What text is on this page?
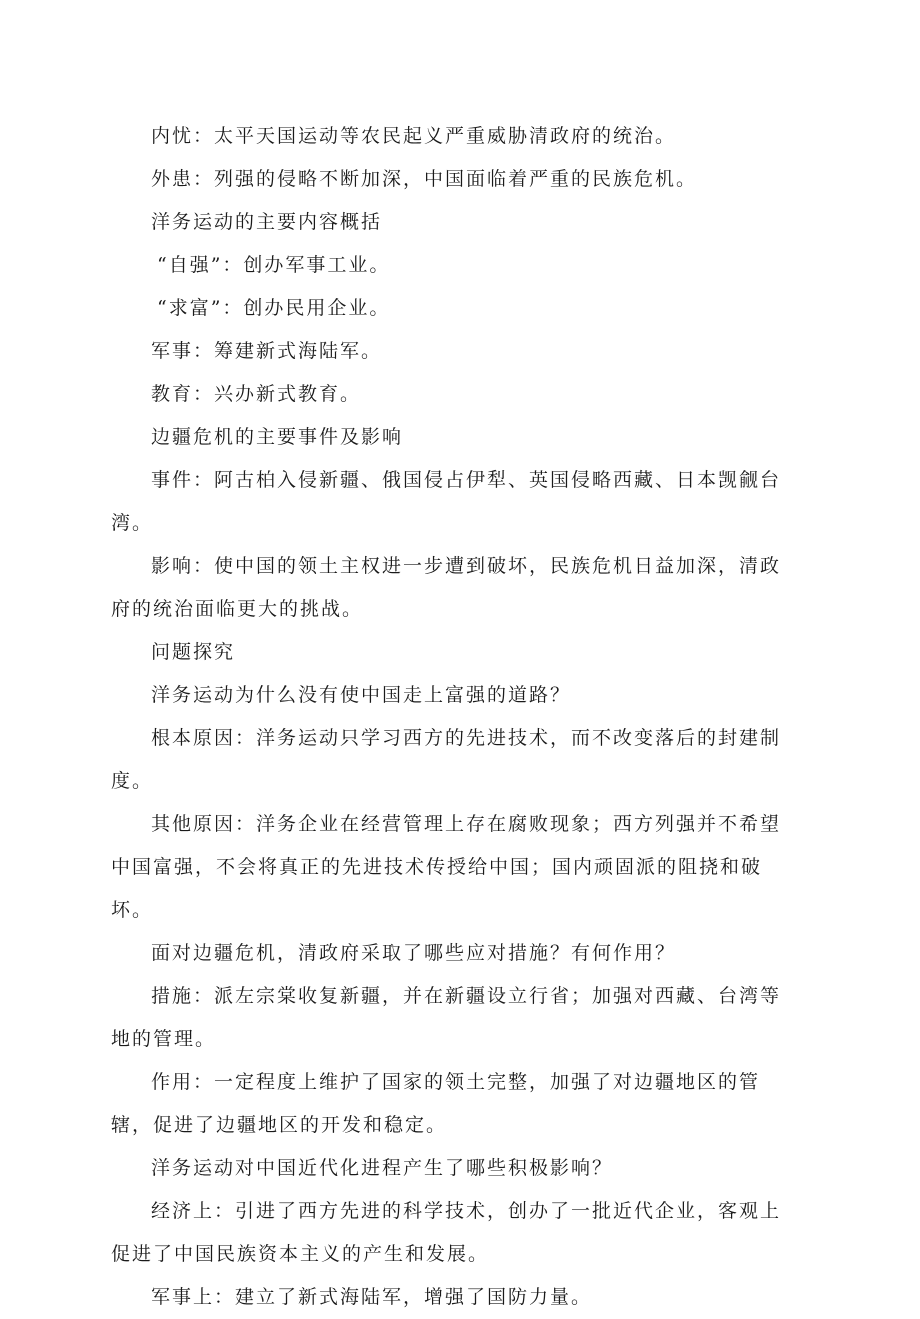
内忧：太平天国运动等农民起义严重威胁清政府的统治。

外患：列强的侵略不断加深，中国面临着严重的民族危机。

洋务运动的主要内容概括

“自强”：创办军事工业。

“求富”：创办民用企业。

军事：筹建新式海陆军。

教育：兴办新式教育。

边疆危机的主要事件及影响

事件：阿古柏入侵新疆、俄国侵占伊犁、英国侵略西藏、日本觊觎台湾。

影响：使中国的领土主权进一步遭到破坏，民族危机日益加深，清政府的统治面临更大的挑战。

问题探究

洋务运动为什么没有使中国走上富强的道路？

根本原因：洋务运动只学习西方的先进技术，而不改变落后的封建制度。

其他原因：洋务企业在经营管理上存在腐败现象；西方列强并不希望中国富强，不会将真正的先进技术传授给中国；国内顽固派的阻挠和破坏。

面对边疆危机，清政府采取了哪些应对措施？有何作用？

措施：派左宗棠收复新疆，并在新疆设立行省；加强对西藏、台湾等地的管理。

作用：一定程度上维护了国家的领土完整，加强了对边疆地区的管辖，促进了边疆地区的开发和稳定。

洋务运动对中国近代化进程产生了哪些积极影响？

经济上：引进了西方先进的科学技术，创办了一批近代企业，客观上促进了中国民族资本主义的产生和发展。

军事上：建立了新式海陆军，增强了国防力量。
